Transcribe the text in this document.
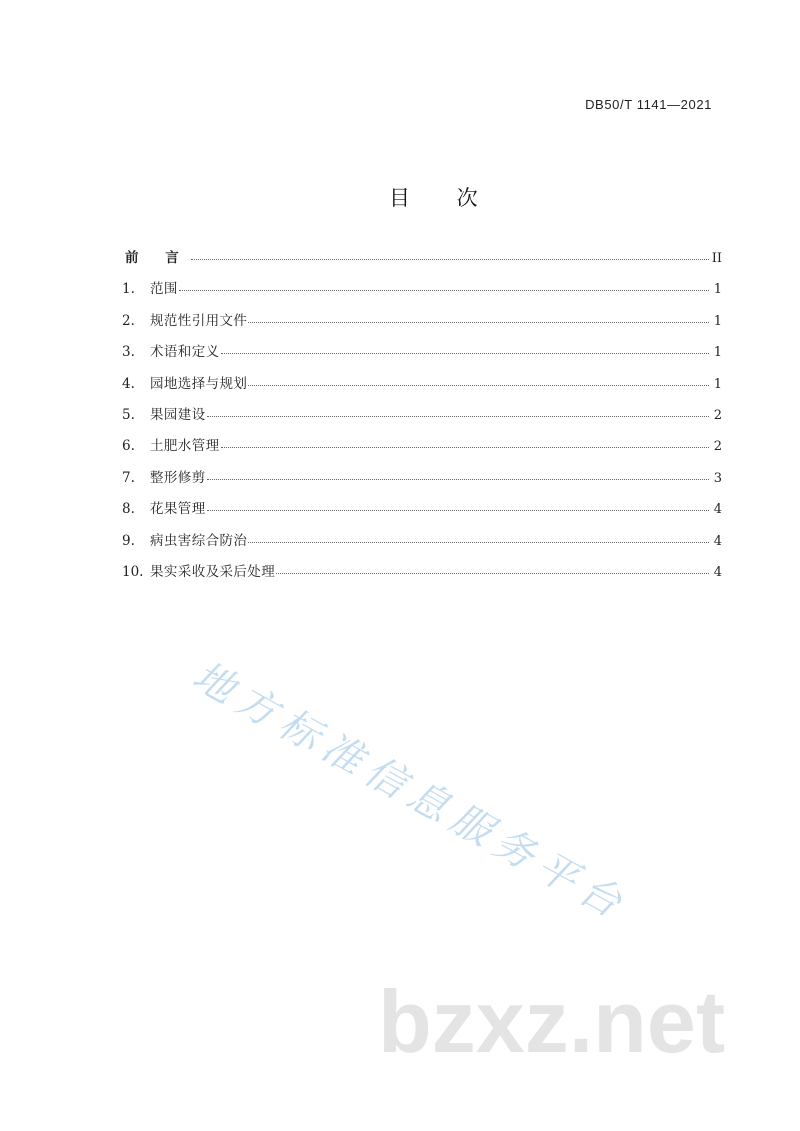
DB50/T 1141—2021
目 次
前 言	II
1.	范围	1
2.	规范性引用文件	1
3.	术语和定义	1
4.	园地选择与规划	1
5.	果园建设	2
6.	土肥水管理	2
7.	整形修剪	3
8.	花果管理	4
9.	病虫害综合防治	4
10. 果实采收及采后处理	4
地方标准信息服务平台
bzxz.net
